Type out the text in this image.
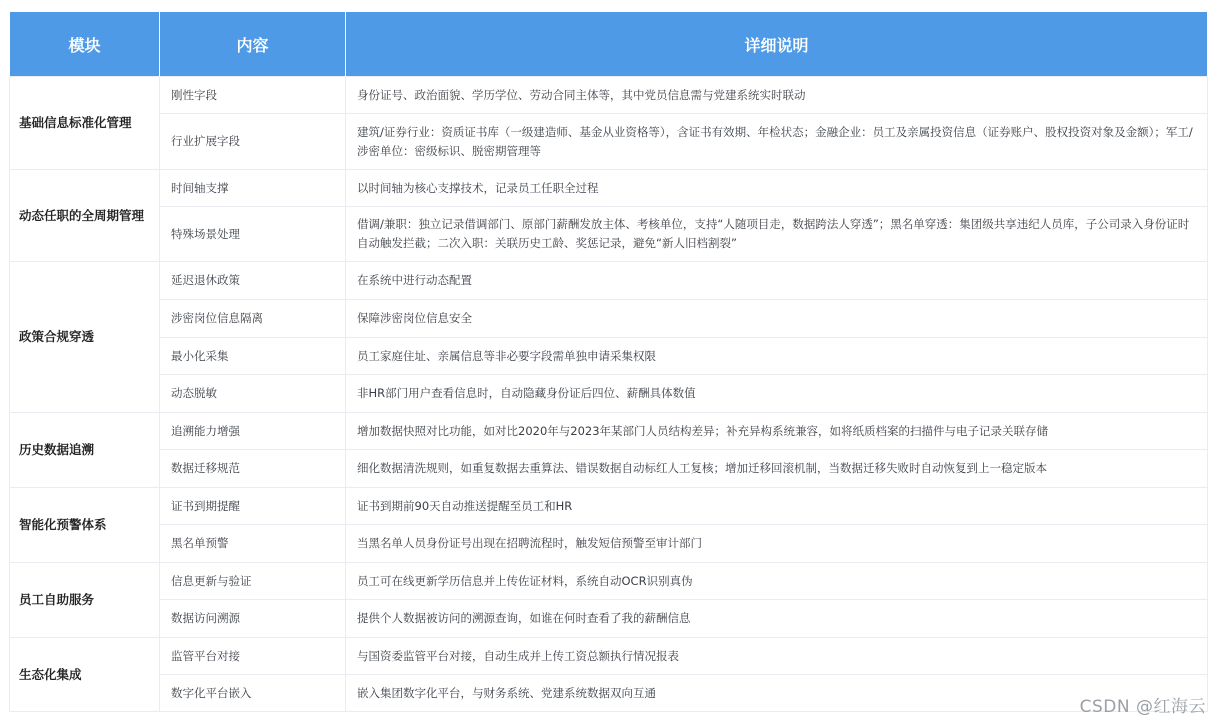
模块	内容	详细说明
基础信息标准化管理	刚性字段	身份证号、政治面貌、学历学位、劳动合同主体等，其中党员信息需与党建系统实时联动
	行业扩展字段	建筑/证券行业：资质证书库（一级建造师、基金从业资格等），含证书有效期、年检状态；金融企业：员工及亲属投资信息（证券账户、股权投资对象及金额）；军工/涉密单位：密级标识、脱密期管理等
动态任职的全周期管理	时间轴支撑	以时间轴为核心支撑技术，记录员工任职全过程
	特殊场景处理	借调/兼职：独立记录借调部门、原部门薪酬发放主体、考核单位，支持“人随项目走，数据跨法人穿透”；黑名单穿透：集团级共享违纪人员库，子公司录入身份证时自动触发拦截；二次入职：关联历史工龄、奖惩记录，避免“新人旧档割裂”
政策合规穿透	延迟退休政策	在系统中进行动态配置
	涉密岗位信息隔离	保障涉密岗位信息安全
	最小化采集	员工家庭住址、亲属信息等非必要字段需单独申请采集权限
	动态脱敏	非HR部门用户查看信息时，自动隐藏身份证后四位、薪酬具体数值
历史数据追溯	追溯能力增强	增加数据快照对比功能，如对比2020年与2023年某部门人员结构差异；补充异构系统兼容，如将纸质档案的扫描件与电子记录关联存储
	数据迁移规范	细化数据清洗规则，如重复数据去重算法、错误数据自动标红人工复核；增加迁移回滚机制，当数据迁移失败时自动恢复到上一稳定版本
智能化预警体系	证书到期提醒	证书到期前90天自动推送提醒至员工和HR
	黑名单预警	当黑名单人员身份证号出现在招聘流程时，触发短信预警至审计部门
员工自助服务	信息更新与验证	员工可在线更新学历信息并上传佐证材料，系统自动OCR识别真伪
	数据访问溯源	提供个人数据被访问的溯源查询，如谁在何时查看了我的薪酬信息
生态化集成	监管平台对接	与国资委监管平台对接，自动生成并上传工资总额执行情况报表
	数字化平台嵌入	嵌入集团数字化平台，与财务系统、党建系统数据双向互通
CSDN @红海云
